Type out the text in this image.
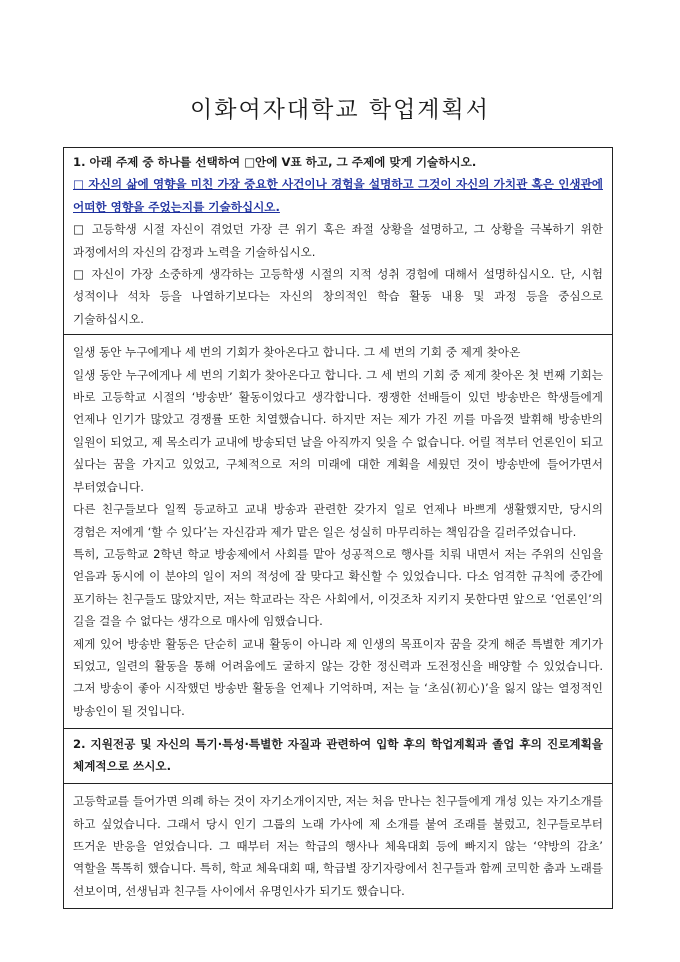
이화여자대학교 학업계획서

1. 아래 주제 중 하나를 선택하여 □안에 V표 하고, 그 주제에 맞게 기술하시오.

□ 자신의 삶에 영향을 미친 가장 중요한 사건이나 경험을 설명하고 그것이 자신의 가치관 혹은 인생관에 어떠한 영향을 주었는지를 기술하십시오.

□ 고등학생 시절 자신이 겪었던 가장 큰 위기 혹은 좌절 상황을 설명하고, 그 상황을 극복하기 위한 과정에서의 자신의 감정과 노력을 기술하십시오.

□ 자신이 가장 소중하게 생각하는 고등학생 시절의 지적 성취 경험에 대해서 설명하십시오. 단, 시험 성적이나 석차 등을 나열하기보다는 자신의 창의적인 학습 활동 내용 및 과정 등을 중심으로 기술하십시오.

일생 동안 누구에게나 세 번의 기회가 찾아온다고 합니다. 그 세 번의 기회 중 제게 찾아온

일생 동안 누구에게나 세 번의 기회가 찾아온다고 합니다. 그 세 번의 기회 중 제게 찾아온 첫 번째 기회는 바로 고등학교 시절의 ‘방송반’ 활동이었다고 생각합니다. 쟁쟁한 선배들이 있던 방송반은 학생들에게 언제나 인기가 많았고 경쟁률 또한 치열했습니다. 하지만 저는 제가 가진 끼를 마음껏 발휘해 방송반의 일원이 되었고, 제 목소리가 교내에 방송되던 날을 아직까지 잊을 수 없습니다. 어릴 적부터 언론인이 되고 싶다는 꿈을 가지고 있었고, 구체적으로 저의 미래에 대한 계획을 세웠던 것이 방송반에 들어가면서 부터였습니다.

다른 친구들보다 일찍 등교하고 교내 방송과 관련한 갖가지 일로 언제나 바쁘게 생활했지만, 당시의 경험은 저에게 ‘할 수 있다’는 자신감과 제가 맡은 일은 성실히 마무리하는 책임감을 길러주었습니다.

특히, 고등학교 2학년 학교 방송제에서 사회를 맡아 성공적으로 행사를 치뤄 내면서 저는 주위의 신임을 얻음과 동시에 이 분야의 일이 저의 적성에 잘 맞다고 확신할 수 있었습니다. 다소 엄격한 규칙에 중간에 포기하는 친구들도 많았지만, 저는 학교라는 작은 사회에서, 이것조차 지키지 못한다면 앞으로 ‘언론인’의 길을 걸을 수 없다는 생각으로 매사에 임했습니다.

제게 있어 방송반 활동은 단순히 교내 활동이 아니라 제 인생의 목표이자 꿈을 갖게 해준 특별한 계기가 되었고, 일련의 활동을 통해 어려움에도 굴하지 않는 강한 정신력과 도전정신을 배양할 수 있었습니다. 그저 방송이 좋아 시작했던 방송반 활동을 언제나 기억하며, 저는 늘 ‘초심(初心)’을 잃지 않는 열정적인 방송인이 될 것입니다.

2. 지원전공 및 자신의 특기·특성·특별한 자질과 관련하여 입학 후의 학업계획과 졸업 후의 진로계획을 체계적으로 쓰시오.

고등학교를 들어가면 의례 하는 것이 자기소개이지만, 저는 처음 만나는 친구들에게 개성 있는 자기소개를 하고 싶었습니다. 그래서 당시 인기 그룹의 노래 가사에 제 소개를 붙여 조래를 불렀고, 친구들로부터 뜨거운 반응을 얻었습니다. 그 때부터 저는 학급의 행사나 체육대회 등에 빠지지 않는 ‘약방의 감초’ 역할을 톡톡히 했습니다. 특히, 학교 체육대회 때, 학급별 장기자랑에서 친구들과 함께 코믹한 춤과 노래를 선보이며, 선생님과 친구들 사이에서 유명인사가 되기도 했습니다.
